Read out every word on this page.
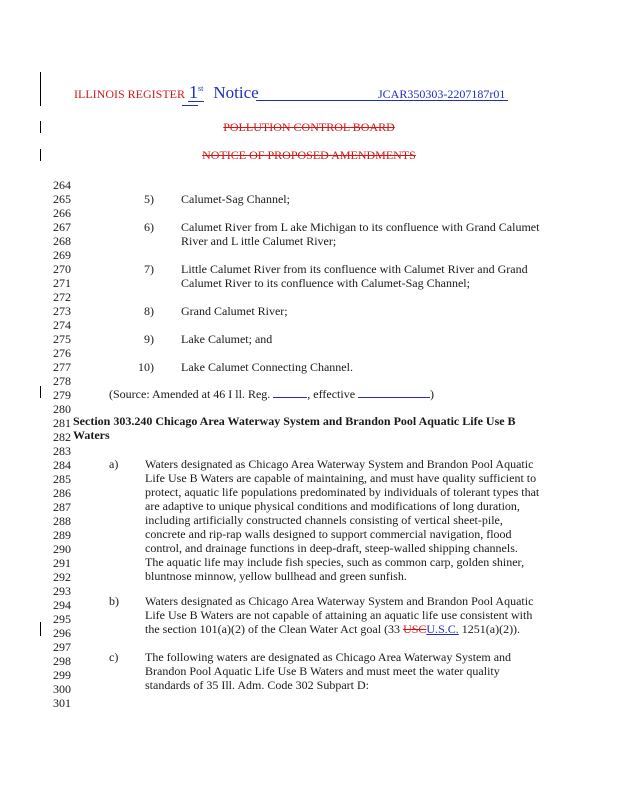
ILLINOIS REGISTER 1st Notice	JCAR350303-2207187r01
POLLUTION CONTROL BOARD
NOTICE OF PROPOSED AMENDMENTS
264
265
266
267
268
269
270
271
272
273
274
275
276
277
278
279
280
281
282
283
284
285
286
287
288
289
290
291
292
293
294
295
296
297
298
299
300
301
5) Calumet-Sag Channel;
6) Calumet River from L ake Michigan to its confluence with Grand Calumet
River and L ittle Calumet River;
7) Little Calumet River from its confluence with Calumet River and Grand
Calumet River to its confluence with Calumet-Sag Channel;
8) Grand Calumet River;
9) Lake Calumet; and
10) Lake Calumet Connecting Channel.
(Source: Amended at 46 I ll. Reg.	, effective	)
Section 303.240 Chicago Area Waterway System and Brandon Pool Aquatic Life Use B
Waters
a) Waters designated as Chicago Area Waterway System and Brandon Pool Aquatic
Life Use B Waters are capable of maintaining, and must have quality sufficient to
protect, aquatic life populations predominated by individuals of tolerant types that
are adaptive to unique physical conditions and modifications of long duration,
including artificially constructed channels consisting of vertical sheet-pile,
concrete and rip-rap walls designed to support commercial navigation, flood
control, and drainage functions in deep-draft, steep-walled shipping channels.
The aquatic life may include fish species, such as common carp, golden shiner,
bluntnose minnow, yellow bullhead and green sunfish.
b) Waters designated as Chicago Area Waterway System and Brandon Pool Aquatic
Life Use B Waters are not capable of attaining an aquatic life use consistent with
the section 101(a)(2) of the Clean Water Act goal (33 USCU.S.C. 1251(a)(2)).
c) The following waters are designated as Chicago Area Waterway System and
Brandon Pool Aquatic Life Use B Waters and must meet the water quality
standards of 35 Ill. Adm. Code 302 Subpart D:
